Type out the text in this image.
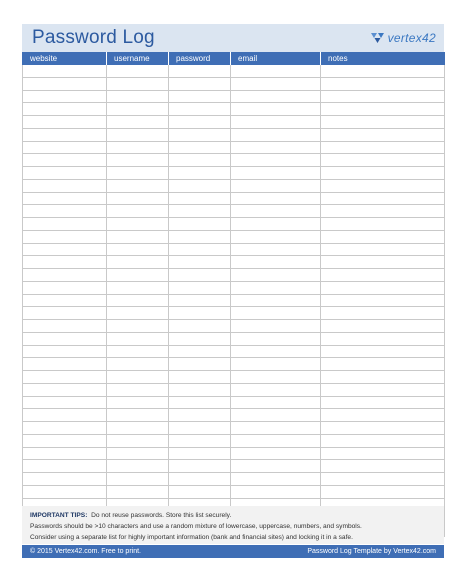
Password Log	vertex42
website	username	password	email	notes

IMPORTANT TIPS: Do not reuse passwords. Store this list securely.
Passwords should be >10 characters and use a random mixture of lowercase, uppercase, numbers, and symbols.
Consider using a separate list for highly important information (bank and financial sites) and locking it in a safe.
© 2015 Vertex42.com. Free to print.	Password Log Template by Vertex42.com
